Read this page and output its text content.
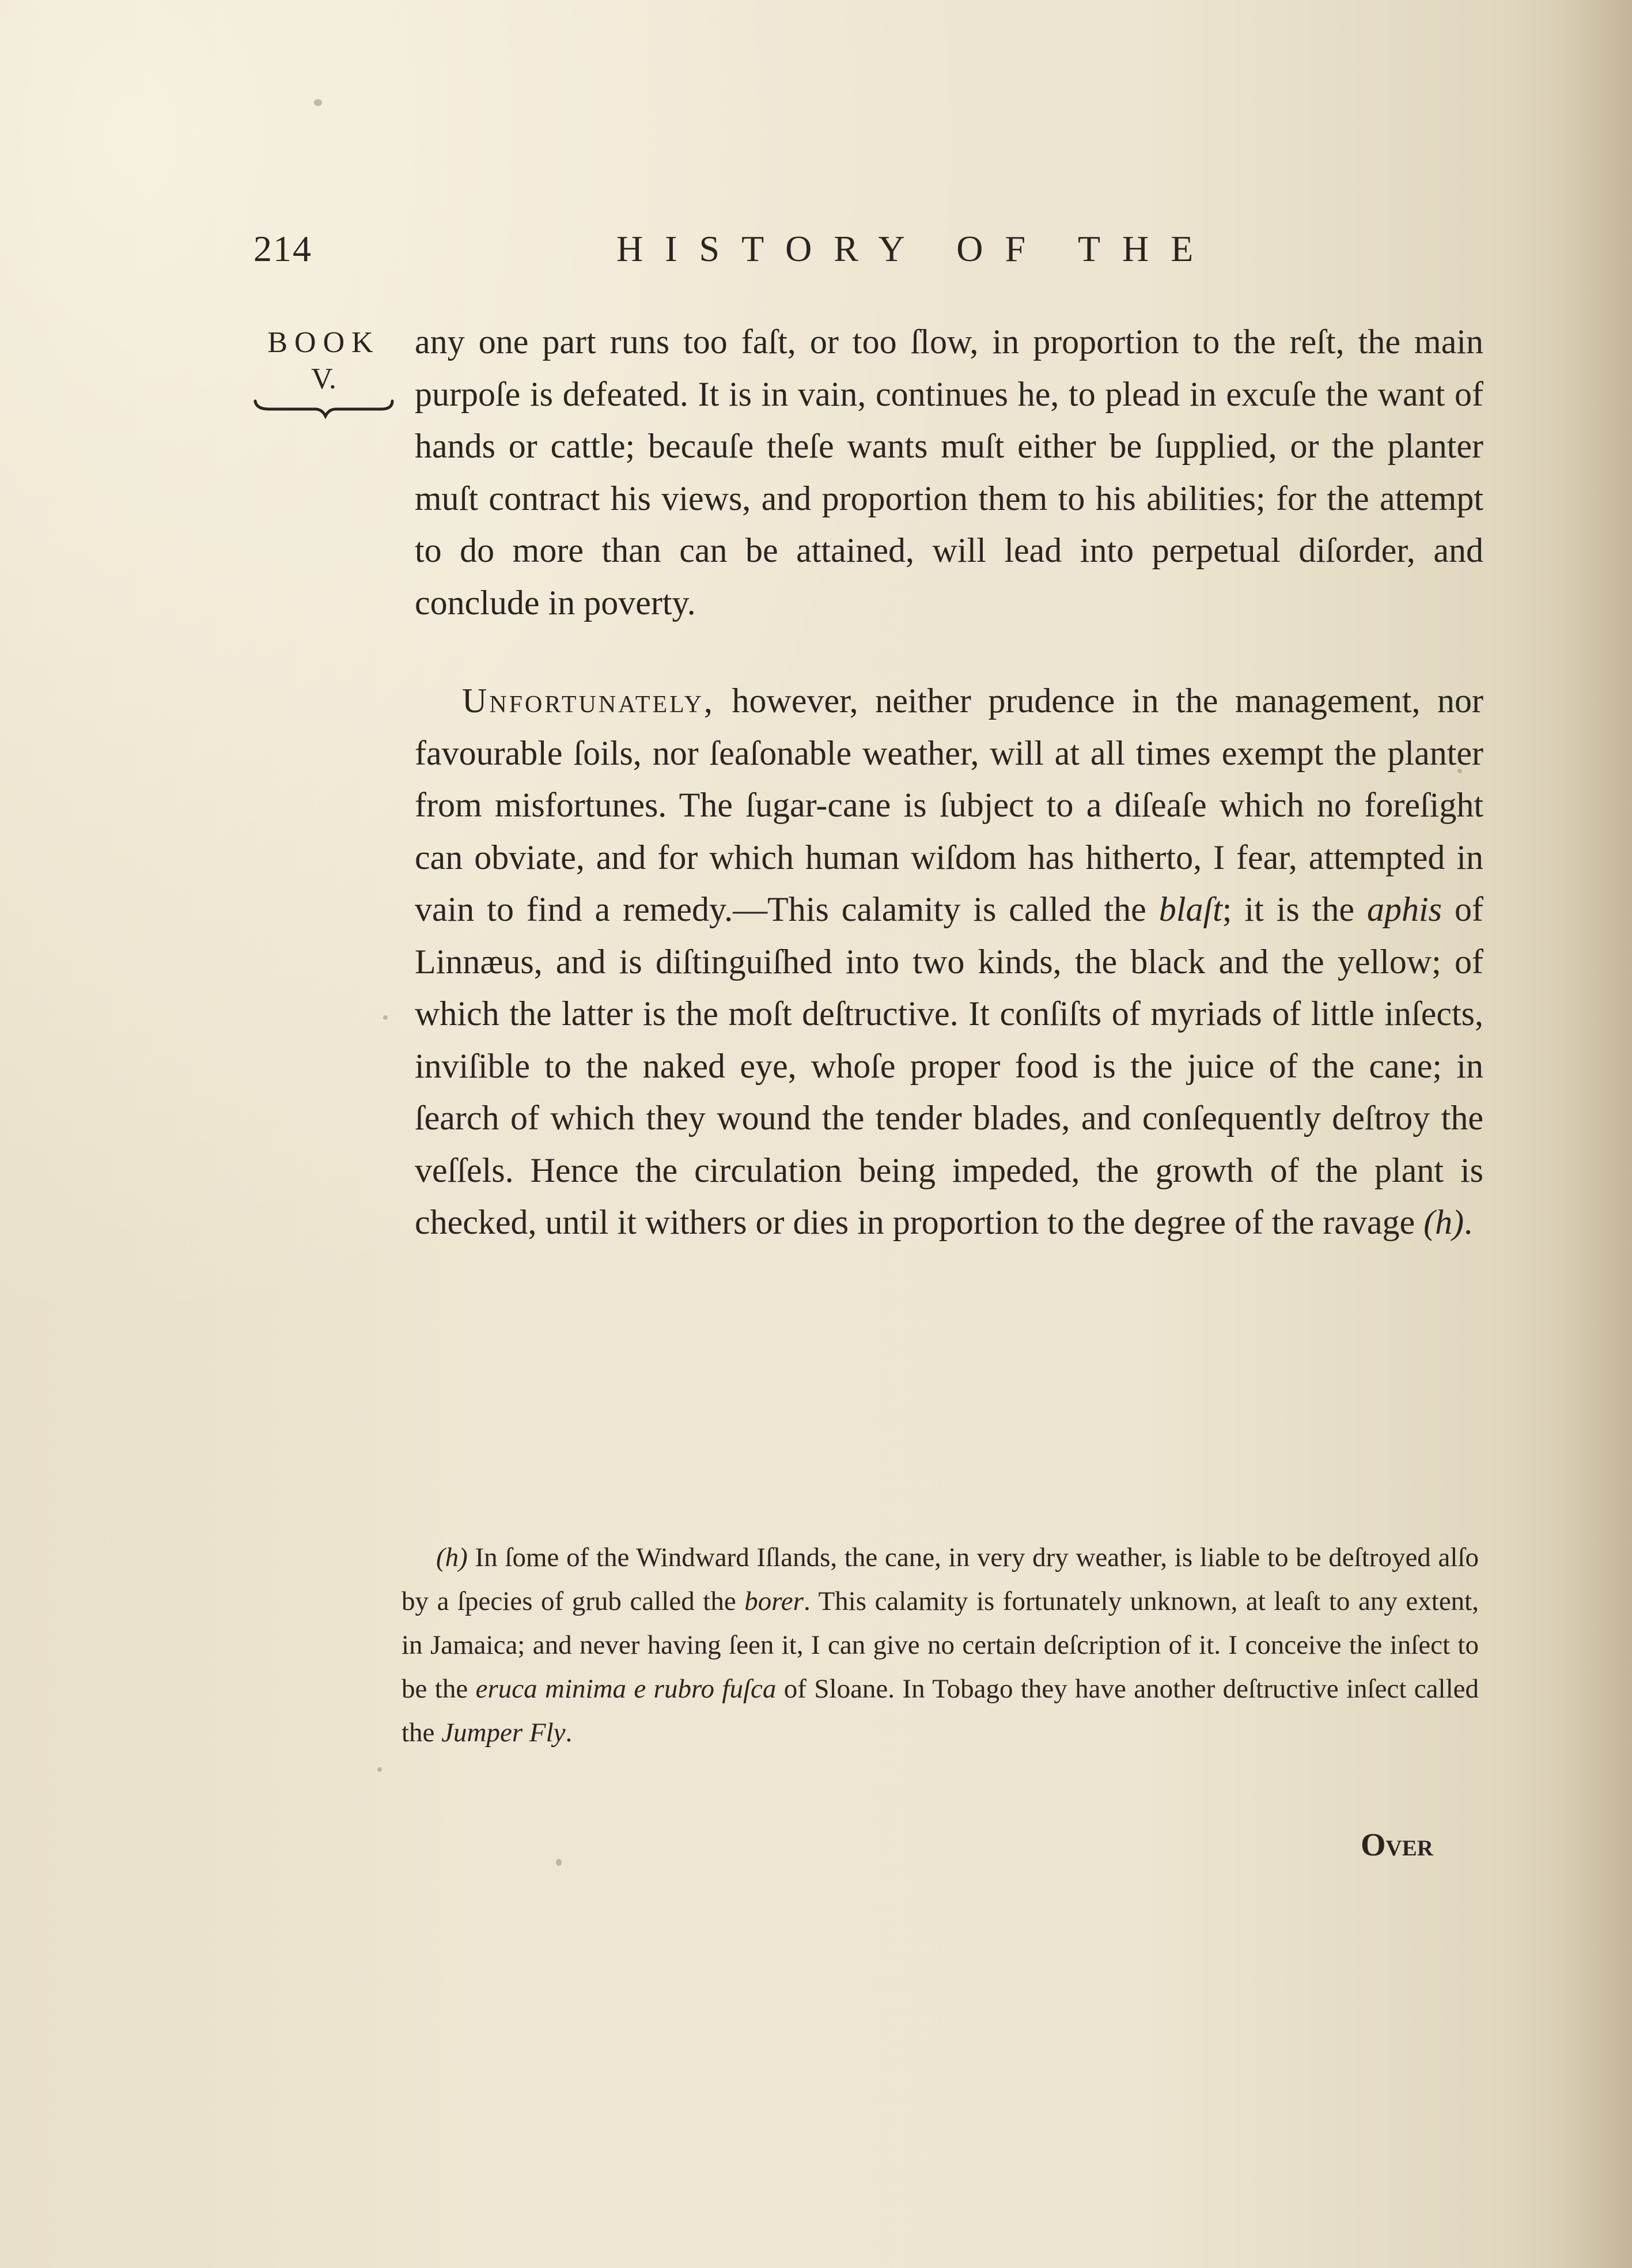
214	HISTORY OF THE
BOOK
V.

any one part runs too faſt, or too ſlow, in proportion to the reſt, the main purpoſe is defeated. It is in vain, continues he, to plead in excuſe the want of hands or cattle; becauſe theſe wants muſt either be ſupplied, or the planter muſt contract his views, and proportion them to his abilities; for the attempt to do more than can be attained, will lead into perpetual diſorder, and conclude in poverty.

Unfortunately, however, neither prudence in the management, nor favourable ſoils, nor ſeaſonable weather, will at all times exempt the planter from misfortunes. The ſugar-cane is ſubject to a diſeaſe which no foreſight can obviate, and for which human wiſdom has hitherto, I fear, attempted in vain to find a remedy.—This calamity is called the blaſt; it is the aphis of Linnæus, and is diſtinguiſhed into two kinds, the black and the yellow; of which the latter is the moſt deſtructive. It conſiſts of myriads of little inſects, inviſible to the naked eye, whoſe proper food is the juice of the cane; in ſearch of which they wound the tender blades, and conſequently deſtroy the veſſels. Hence the circulation being impeded, the growth of the plant is checked, until it withers or dies in proportion to the degree of the ravage (h).

(h) In ſome of the Windward Iſlands, the cane, in very dry weather, is liable to be deſtroyed alſo by a ſpecies of grub called the borer. This calamity is fortunately unknown, at leaſt to any extent, in Jamaica; and never having ſeen it, I can give no certain deſcription of it. I conceive the inſect to be the eruca minima e rubro fuſca of Sloane. In Tobago they have another deſtructive inſect called the Jumper Fly.

Over
